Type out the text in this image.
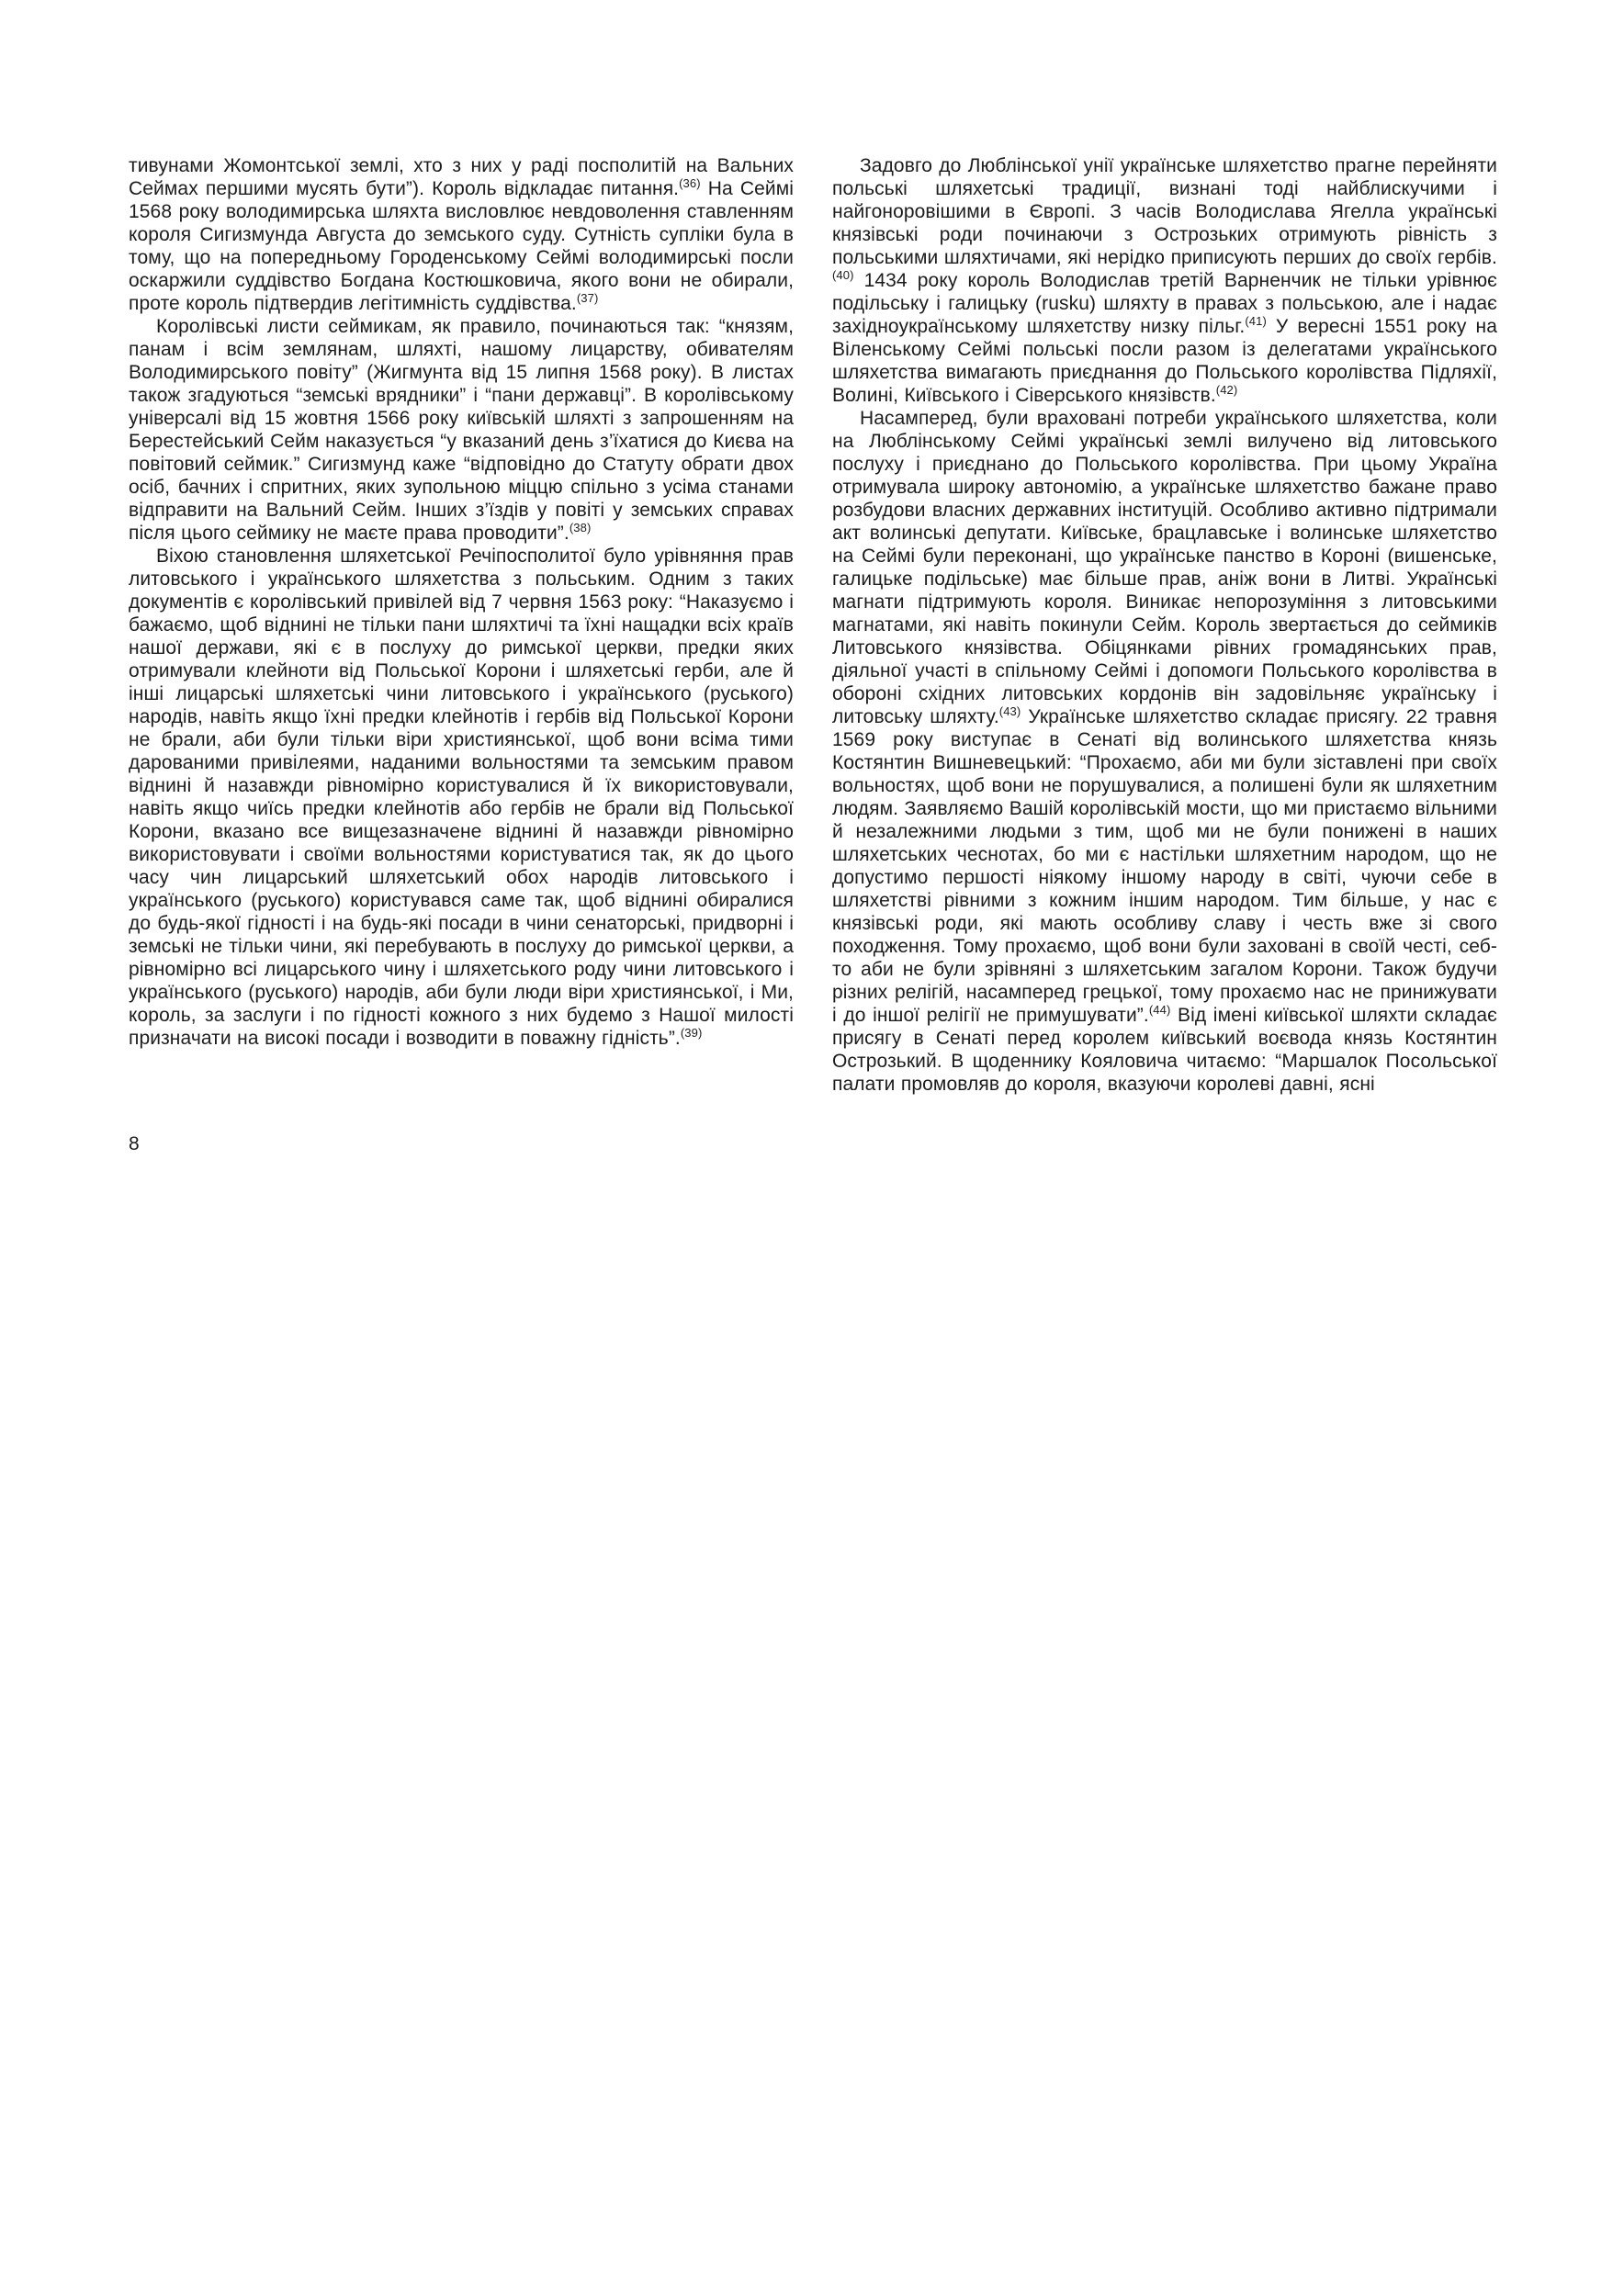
тивунами Жомонтської землі, хто з них у раді посполитій на Вальних Сеймах першими мусять бути”). Король відкладає питання.$^{(36)}$ На Сеймі 1568 року володимирська шляхта висловлює невдоволення ставленням короля Сигизмунда Августа до земського суду. Сутність супліки була в тому, що на попередньому Городенському Сеймі володимирські посли оскаржили суддівство Богдана Костюшковича, якого вони не обирали, проте король підтвердив легітимність суддівства.$^{(37)}$

Королівські листи сеймикам, як правило, починаються так: “князям, панам і всім землянам, шляхті, нашому лицарству, обивателям Володимирського повіту” (Жигмунта від 15 липня 1568 року). В листах також згадуються “земські врядники” і “пани державці”. В королівському універсалі від 15 жовтня 1566 року київській шляхті з запрошенням на Берестейський Сейм наказується “у вказаний день з’їхатися до Києва на повітовий сеймик.” Сигизмунд каже “відповідно до Статуту обрати двох осіб, бачних і спритних, яких зупольною міццю спільно з усіма станами відправити на Вальний Сейм. Інших з’їздів у повіті у земських справах після цього сеймику не маєте права проводити”.$^{(38)}$

Віхою становлення шляхетської Речіпосполитої було урівняння прав литовського і українського шляхетства з польським. Одним з таких документів є королівський привілей від 7 червня 1563 року: “Наказуємо і бажаємо, щоб віднині не тільки пани шляхтичі та їхні нащадки всіх країв нашої держави, які є в послуху до римської церкви, предки яких отримували клейноти від Польської Корони і шляхетські герби, але й інші лицарські шляхетські чини литовського і українського (руського) народів, навіть якщо їхні предки клейнотів і гербів від Польської Корони не брали, аби були тільки віри християнської, щоб вони всіма тими дарованими привілеями, наданими вольностями та земським правом віднині й назавжди рівномірно користувалися й їх використовували, навіть якщо чиїсь предки клейнотів або гербів не брали від Польської Корони, вказано все вищезазначене віднині й назавжди рівномірно використовувати і своїми вольностями користуватися так, як до цього часу чин лицарський шляхетський обох народів литовського і українського (руського) користувався саме так, щоб віднині обиралися до будь-якої гідності і на будь-які посади в чини сенаторські, придворні і земські не тільки чини, які перебувають в послуху до римської церкви, а рівномірно всі лицарського чину і шляхетського роду чини литовського і українського (руського) народів, аби були люди віри християнської, і Ми, король, за заслуги і по гідності кожного з них будемо з Нашої милості призначати на високі посади і возводити в поважну гідність”.$^{(39)}$

Задовго до Люблінської унії українське шляхетство прагне перейняти польські шляхетські традиції, визнані тоді найблискучими і найгоноровішими в Європі. З часів Володислава Ягелла українські князівські роди починаючи з Острозьких отримують рівність з польськими шляхтичами, які нерідко приписують перших до своїх гербів.$^{(40)}$ 1434 року король Володислав третій Варненчик не тільки урівнює подільську і галицьку (rusku) шляхту в правах з польською, але і надає західноукраїнському шляхетству низку пільг.$^{(41)}$ У вересні 1551 року на Віленському Сеймі польські посли разом із делегатами українського шляхетства вимагають приєднання до Польського королівства Підляхії, Волині, Київського і Сіверського князівств.$^{(42)}$

Насамперед, були враховані потреби українського шляхетства, коли на Люблінському Сеймі українські землі вилучено від литовського послуху і приєднано до Польського королівства. При цьому Україна отримувала широку автономію, а українське шляхетство бажане право розбудови власних державних інституцій. Особливо активно підтримали акт волинські депутати. Київське, брацлавське і волинське шляхетство на Сеймі були переконані, що українське панство в Короні (вишенське, галицьке подільське) має більше прав, аніж вони в Литві. Українські магнати підтримують короля. Виникає непорозуміння з литовськими магнатами, які навіть покинули Сейм. Король звертається до сеймиків Литовського князівства. Обіцянками рівних громадянських прав, діяльної участі в спільному Сеймі і допомоги Польського королівства в обороні східних литовських кордонів він задовільняє українську і литовську шляхту.$^{(43)}$ Українське шляхетство складає присягу. 22 травня 1569 року виступає в Сенаті від волинського шляхетства князь Костянтин Вишневецький: “Прохаємо, аби ми були зіставлені при своїх вольностях, щоб вони не порушувалися, а полишені були як шляхетним людям. Заявляємо Вашій королівській мости, що ми пристаємо вільними й незалежними людьми з тим, щоб ми не були понижені в наших шляхетських чеснотах, бо ми є настільки шляхетним народом, що не допустимо першості ніякому іншому народу в світі, чуючи себе в шляхетстві рівними з кожним іншим народом. Тим більше, у нас є князівські роди, які мають особливу славу і честь вже зі свого походження. Тому прохаємо, щоб вони були заховані в своїй честі, себ-то аби не були зрівняні з шляхетським загалом Корони. Також будучи різних релігій, насамперед грецької, тому прохаємо нас не принижувати і до іншої релігії не примушувати”.$^{(44)}$ Від імені київської шляхти складає присягу в Сенаті перед королем київський воєвода князь Костянтин Острозький. В щоденнику Кояловича читаємо: “Маршалок Посольської палати промовляв до короля, вказуючи королеві давні, ясні

8
